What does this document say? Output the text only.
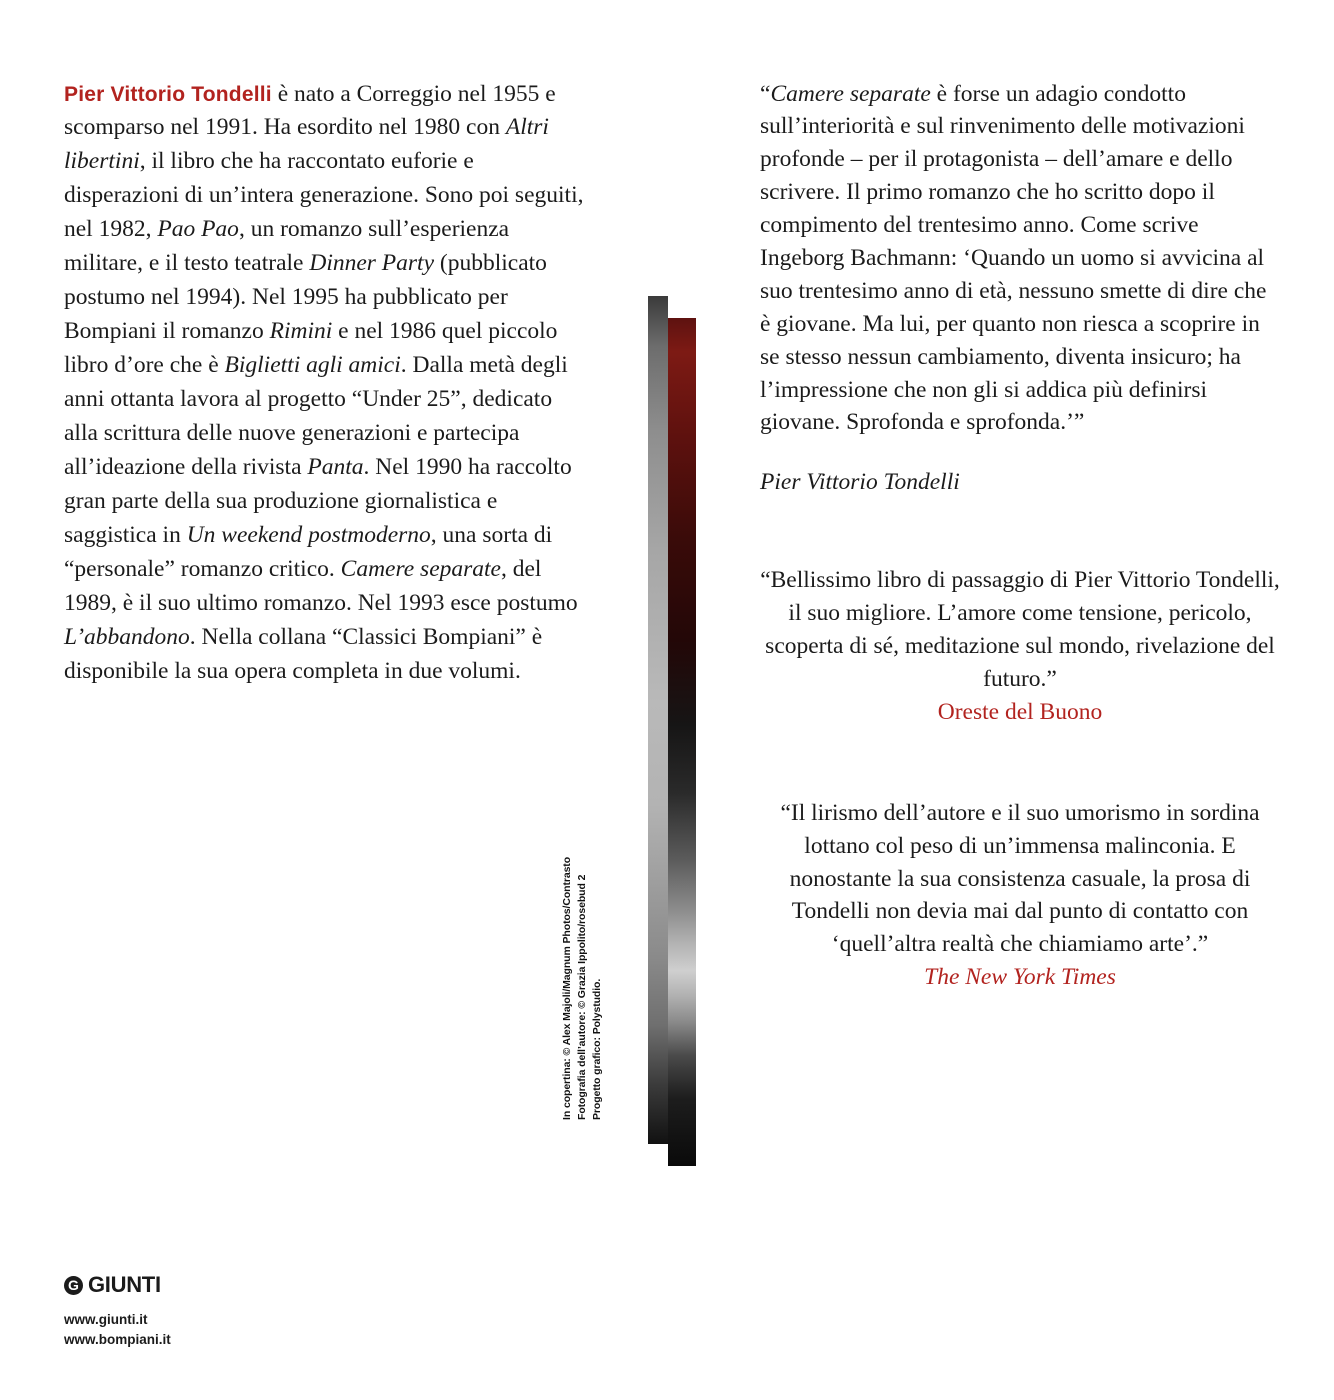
Pier Vittorio Tondelli è nato a Correggio nel 1955 e scomparso nel 1991. Ha esordito nel 1980 con Altri libertini, il libro che ha raccontato euforie e disperazioni di un’intera generazione. Sono poi seguiti, nel 1982, Pao Pao, un romanzo sull’esperienza militare, e il testo teatrale Dinner Party (pubblicato postumo nel 1994). Nel 1995 ha pubblicato per Bompiani il romanzo Rimini e nel 1986 quel piccolo libro d’ore che è Biglietti agli amici. Dalla metà degli anni ottanta lavora al progetto “Under 25”, dedicato alla scrittura delle nuove generazioni e partecipa all’ideazione della rivista Panta. Nel 1990 ha raccolto gran parte della sua produzione giornalistica e saggistica in Un weekend postmoderno, una sorta di “personale” romanzo critico. Camere separate, del 1989, è il suo ultimo romanzo. Nel 1993 esce postumo L’abbandono. Nella collana “Classici Bompiani” è disponibile la sua opera completa in due volumi.

In copertina: © Alex Majoli/Magnum Photos/Contrasto Fotografia dell’autore: © Grazia Ippolito/rosebud 2 Progetto grafico: Polystudio.

“Camere separate è forse un adagio condotto sull’interiorità e sul rinvenimento delle motivazioni profonde – per il protagonista – dell’amare e dello scrivere. Il primo romanzo che ho scritto dopo il compimento del trentesimo anno. Come scrive Ingeborg Bachmann: ‘Quando un uomo si avvicina al suo trentesimo anno di età, nessuno smette di dire che è giovane. Ma lui, per quanto non riesca a scoprire in se stesso nessun cambiamento, diventa insicuro; ha l’impressione che non gli si addica più definirsi giovane. Sprofonda e sprofonda.’”

Pier Vittorio Tondelli

“Bellissimo libro di passaggio di Pier Vittorio Tondelli, il suo migliore. L’amore come tensione, pericolo, scoperta di sé, meditazione sul mondo, rivelazione del futuro.”
Oreste del Buono
“Il lirismo dell’autore e il suo umorismo in sordina lottano col peso di un’immensa malinconia. E nonostante la sua consistenza casuale, la prosa di Tondelli non devia mai dal punto di contatto con ‘quell’altra realtà che chiamiamo arte’.”
The New York Times
G GIUNTI
www.giunti.it
www.bompiani.it
